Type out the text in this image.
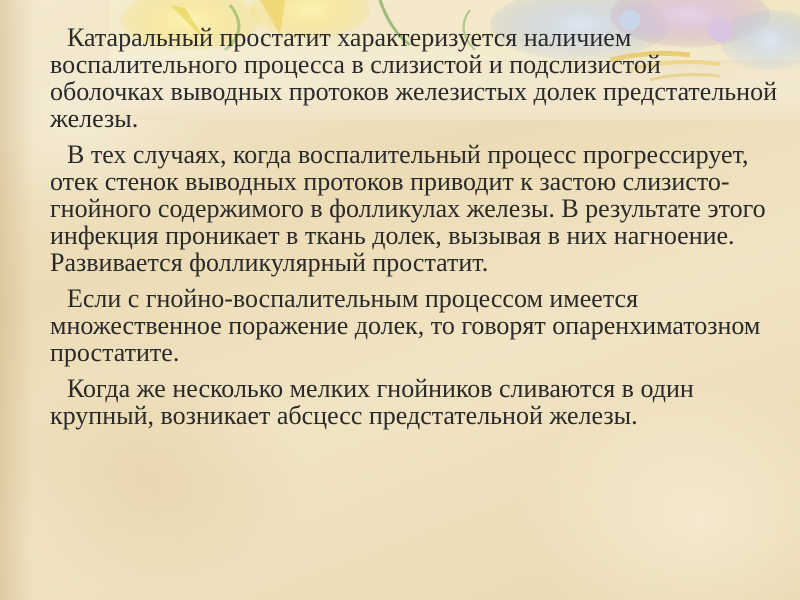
Катаральный простатит характеризуется наличием воспалительного процесса в слизистой и подслизистой оболочках выводных протоков железистых долек предстательной железы.

В тех случаях, когда воспалительный процесс прогрессирует, отек стенок выводных протоков приводит к застою слизисто-гнойного содержимого в фолликулах железы. В результате этого инфекция проникает в ткань долек, вызывая в них нагноение. Развивается фолликулярный простатит.

Если с гнойно-воспалительным процессом имеется множественное поражение долек, то говорят опаренхиматозном простатите.

Когда же несколько мелких гнойников сливаются в один крупный, возникает абсцесс предстательной железы.
